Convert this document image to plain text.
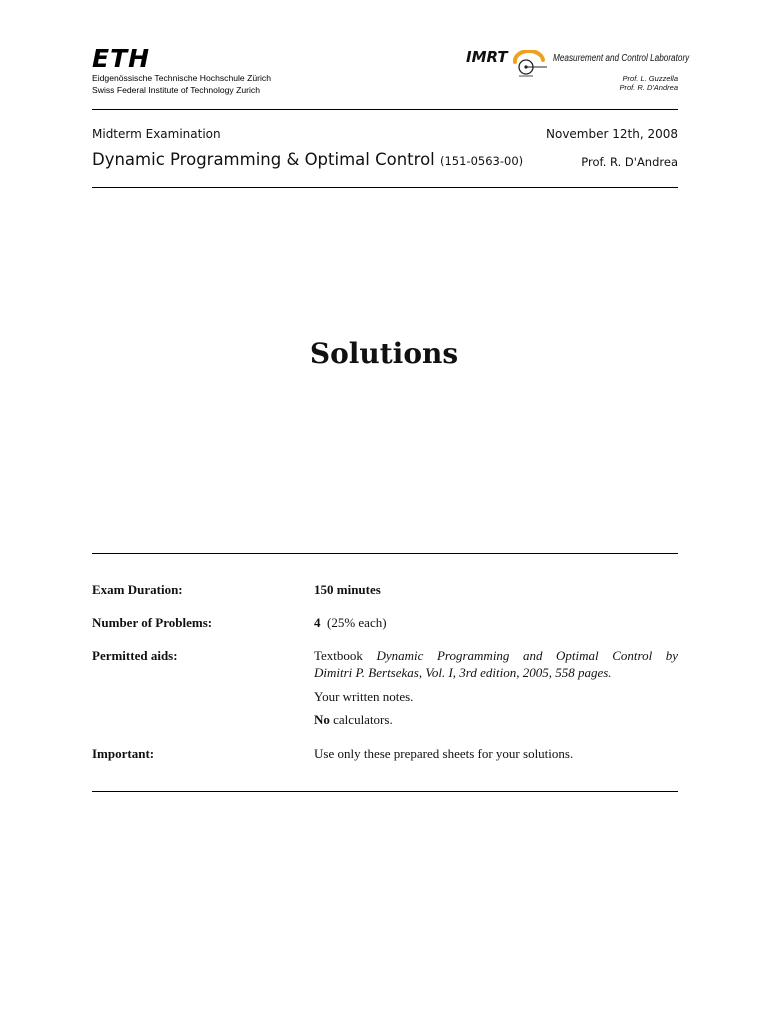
ETH
Eidgenössische Technische Hochschule Zürich
Swiss Federal Institute of Technology Zurich
IMRT	Measurement and Control Laboratory
Prof. L. Guzzella
Prof. R. D'Andrea
Midterm Examination	November 12th, 2008
Dynamic Programming & Optimal Control (151-0563-00)	Prof. R. D'Andrea
Solutions
Exam Duration:	150 minutes
Number of Problems:	4 (25% each)
Permitted aids:	Textbook Dynamic Programming and Optimal Control by
Dimitri P. Bertsekas, Vol. I, 3rd edition, 2005, 558 pages.
Your written notes.
No calculators.
Important:	Use only these prepared sheets for your solutions.
